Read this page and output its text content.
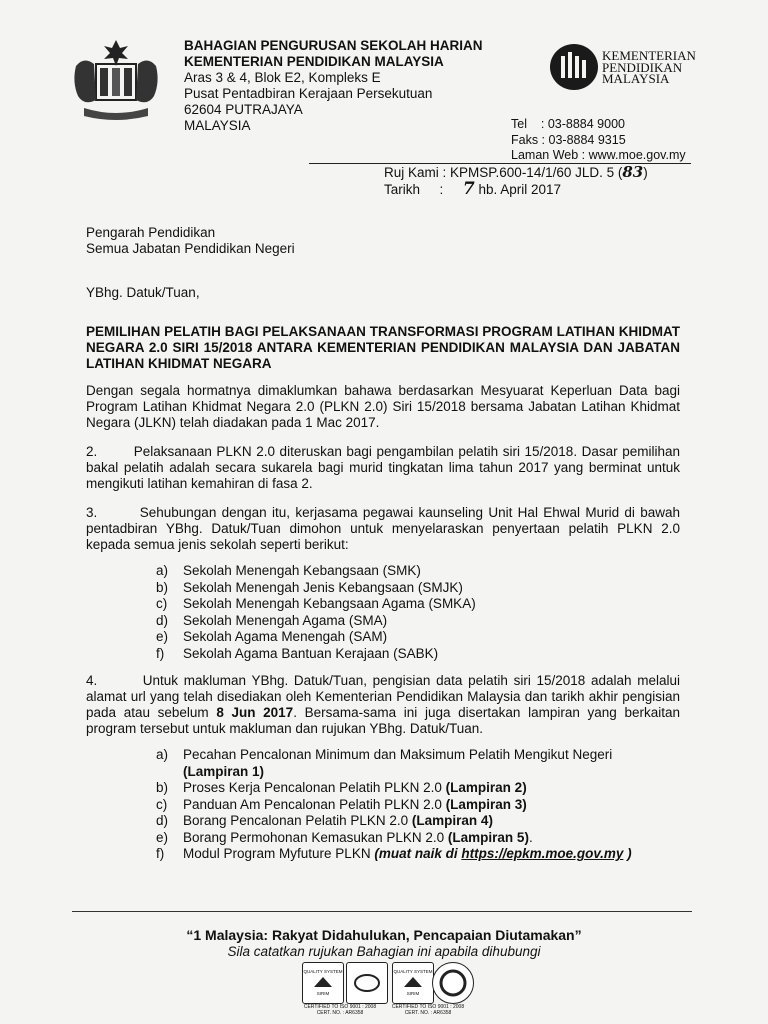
BAHAGIAN PENGURUSAN SEKOLAH HARIAN
KEMENTERIAN PENDIDIKAN MALAYSIA
Aras 3 & 4, Blok E2, Kompleks E
Pusat Pentadbiran Kerajaan Persekutuan
62604 PUTRAJAYA
MALAYSIA
KEMENTERIAN
PENDIDIKAN
MALAYSIA
Tel    : 03-8884 9000
Faks : 03-8884 9315
Laman Web : www.moe.gov.my
Ruj Kami : KPMSP.600-14/1/60 JLD. 5 (83)
Tarikh : 7 hb. April 2017
Pengarah Pendidikan
Semua Jabatan Pendidikan Negeri
YBhg. Datuk/Tuan,
PEMILIHAN PELATIH BAGI PELAKSANAAN TRANSFORMASI PROGRAM LATIHAN KHIDMAT NEGARA 2.0 SIRI 15/2018 ANTARA KEMENTERIAN PENDIDIKAN MALAYSIA DAN JABATAN LATIHAN KHIDMAT NEGARA
Dengan segala hormatnya dimaklumkan bahawa berdasarkan Mesyuarat Keperluan Data bagi Program Latihan Khidmat Negara 2.0 (PLKN 2.0) Siri 15/2018 bersama Jabatan Latihan Khidmat Negara (JLKN) telah diadakan pada 1 Mac 2017.
2.        Pelaksanaan PLKN 2.0 diteruskan bagi pengambilan pelatih siri 15/2018. Dasar pemilihan bakal pelatih adalah secara sukarela bagi murid tingkatan lima tahun 2017 yang berminat untuk mengikuti latihan kemahiran di fasa 2.
3.        Sehubungan dengan itu, kerjasama pegawai kaunseling Unit Hal Ehwal Murid di bawah pentadbiran YBhg. Datuk/Tuan dimohon untuk menyelaraskan penyertaan pelatih PLKN 2.0 kepada semua jenis sekolah seperti berikut:
a)	Sekolah Menengah Kebangsaan (SMK)
b)	Sekolah Menengah Jenis Kebangsaan (SMJK)
c)	Sekolah Menengah Kebangsaan Agama (SMKA)
d)	Sekolah Menengah Agama (SMA)
e)	Sekolah Agama Menengah (SAM)
f)	Sekolah Agama Bantuan Kerajaan (SABK)
4.        Untuk makluman YBhg. Datuk/Tuan, pengisian data pelatih siri 15/2018 adalah melalui alamat url yang telah disediakan oleh Kementerian Pendidikan Malaysia dan tarikh akhir pengisian pada atau sebelum 8 Jun 2017. Bersama-sama ini juga disertakan lampiran yang berkaitan program tersebut untuk makluman dan rujukan YBhg. Datuk/Tuan.
a)	Pecahan Pencalonan Minimum dan Maksimum Pelatih Mengikut Negeri
(Lampiran 1)
b)	Proses Kerja Pencalonan Pelatih PLKN 2.0 (Lampiran 2)
c)	Panduan Am Pencalonan Pelatih PLKN 2.0 (Lampiran 3)
d)	Borang Pencalonan Pelatih PLKN 2.0 (Lampiran 4)
e)	Borang Permohonan Kemasukan PLKN 2.0 (Lampiran 5).
f)	Modul Program Myfuture PLKN (muat naik di https://epkm.moe.gov.my )
“1 Malaysia: Rakyat Didahulukan, Pencapaian Diutamakan”
Sila catatkan rujukan Bahagian ini apabila dihubungi
QUALITY SYSTEM
SIRIM
QUALITY SYSTEM
SIRIM
CERTIFIED TO ISO 9001 : 2008 CERT. NO. : AR6358
CERTIFIED TO ISO 9001 : 2008 CERT. NO. : AR6358
